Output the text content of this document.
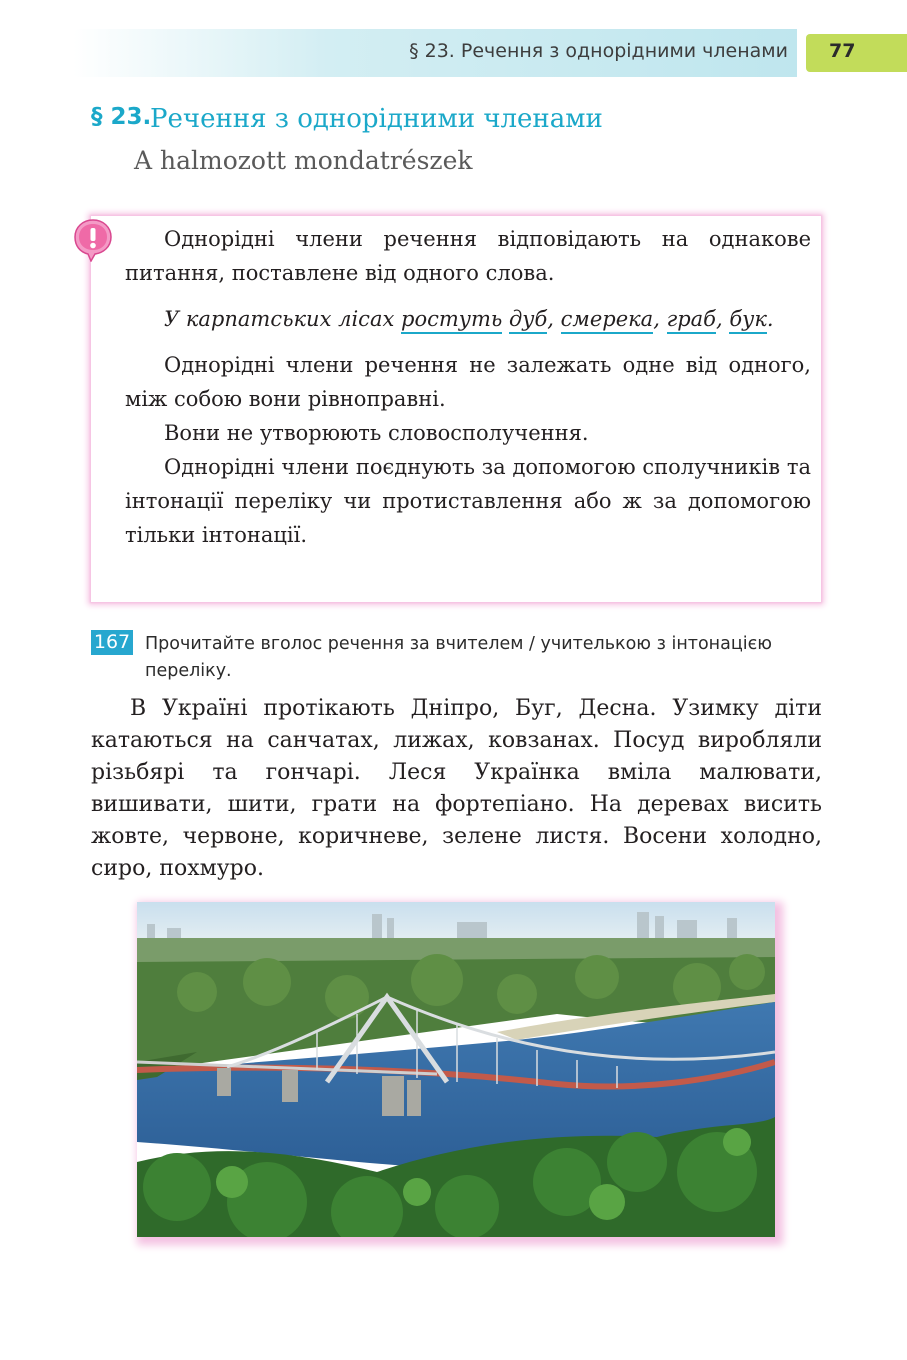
§ 23. Речення з однорідними членами 77
§ 23.
Речення з однорідними членами
A halmozott mondatrészek

Однорідні члени речення відповідають на однакове питання, поставлене від одного слова.

У карпатських лісах ростуть дуб, смерека, граб, бук.

Однорідні члени речення не залежать одне від одного, між собою вони рівноправні.

Вони не утворюють словосполучення.

Однорідні члени поєднують за допомогою сполучників та інтонації переліку чи протиставлення або ж за допомогою тільки інтонації.

167 Прочитайте вголос речення за вчителем / учителькою з інтонацією переліку.

В Україні протікають Дніпро, Буг, Десна. Узимку діти катаються на санчатах, лижах, ковзанах. Посуд виробляли різьбярі та гончарі. Леся Українка вміла малювати, вишивати, шити, грати на фортепіано. На деревах висить жовте, червоне, коричневе, зелене листя. Восени холодно, сиро, похмуро.
